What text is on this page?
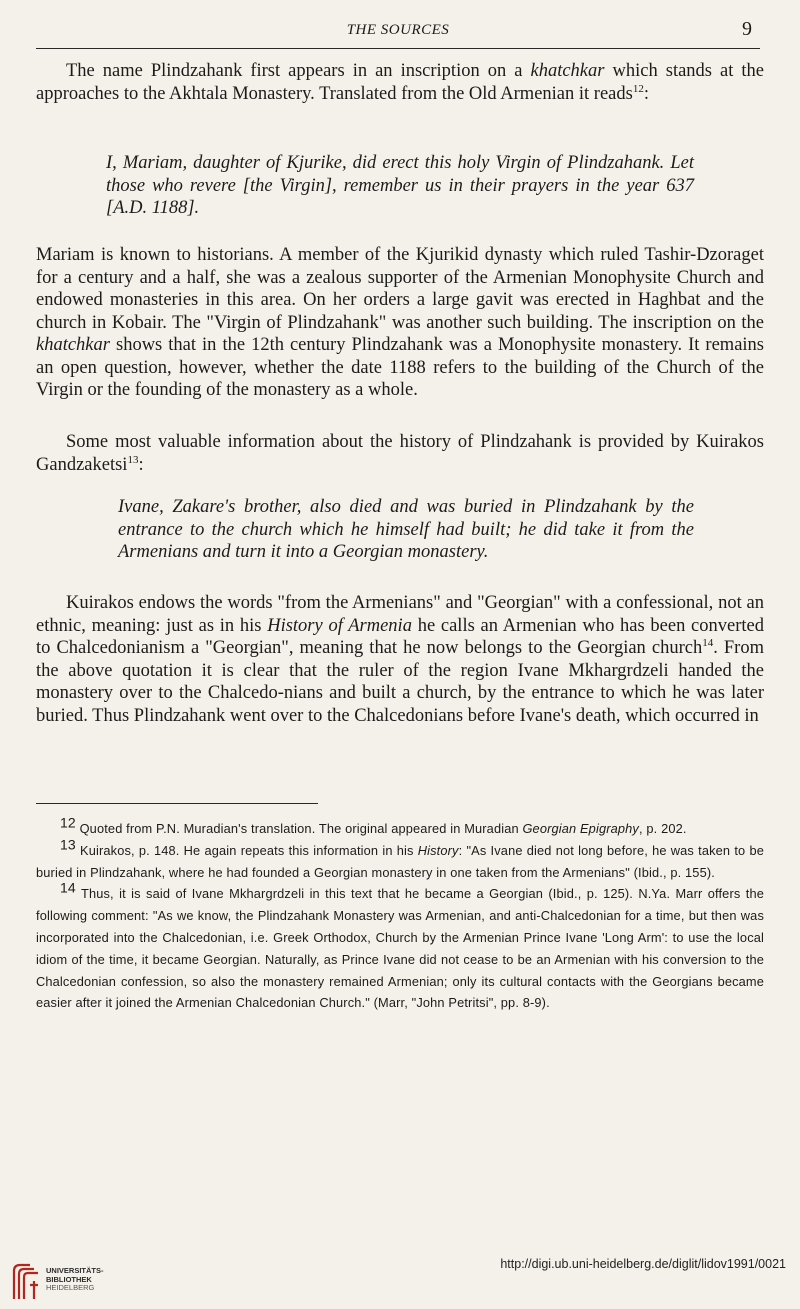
THE SOURCES	9

The name Plindzahank first appears in an inscription on a khatchkar which stands at the approaches to the Akhtala Monastery. Translated from the Old Armenian it reads$^{12}$:

I, Mariam, daughter of Kjurike, did erect this holy Virgin of Plindzahank. Let those who revere [the Virgin], remember us in their prayers in the year 637 [A.D. 1188].

Mariam is known to historians. A member of the Kjurikid dynasty which ruled Tashir-Dzoraget for a century and a half, she was a zealous supporter of the Armenian Monophysite Church and endowed monasteries in this area. On her orders a large gavit was erected in Haghbat and the church in Kobair. The "Virgin of Plindzahank" was another such building. The inscription on the khatchkar shows that in the 12th century Plindzahank was a Monophysite monastery. It remains an open question, however, whether the date 1188 refers to the building of the Church of the Virgin or the founding of the monastery as a whole.

Some most valuable information about the history of Plindzahank is provided by Kuirakos Gandzaketsi$^{13}$:

Ivane, Zakare's brother, also died and was buried in Plindzahank by the entrance to the church which he himself had built; he did take it from the Armenians and turn it into a Georgian monastery.

Kuirakos endows the words "from the Armenians" and "Georgian" with a confessional, not an ethnic, meaning: just as in his History of Armenia he calls an Armenian who has been converted to Chalcedonianism a "Georgian", meaning that he now belongs to the Georgian church$^{14}$. From the above quotation it is clear that the ruler of the region Ivane Mkhargrdzeli handed the monastery over to the Chalcedo-nians and built a church, by the entrance to which he was later buried. Thus Plindzahank went over to the Chalcedonians before Ivane's death, which occurred in

$^{12}$ Quoted from P.N. Muradian's translation. The original appeared in Muradian Georgian Epigraphy, p. 202.

$^{13}$ Kuirakos, p. 148. He again repeats this information in his History: "As Ivane died not long before, he was taken to be buried in Plindzahank, where he had founded a Georgian monastery in one taken from the Armenians" (Ibid., p. 155).

$^{14}$ Thus, it is said of Ivane Mkhargrdzeli in this text that he became a Georgian (Ibid., p. 125). N.Ya. Marr offers the following comment: "As we know, the Plindzahank Monastery was Armenian, and anti-Chalcedonian for a time, but then was incorporated into the Chalcedonian, i.e. Greek Orthodox, Church by the Armenian Prince Ivane 'Long Arm': to use the local idiom of the time, it became Georgian. Naturally, as Prince Ivane did not cease to be an Armenian with his conversion to the Chalcedonian confession, so also the monastery remained Armenian; only its cultural contacts with the Georgians became easier after it joined the Armenian Chalcedonian Church." (Marr, "John Petritsi", pp. 8-9).

UNIVERSITÄTS-
BIBLIOTHEK
HEIDELBERG
http://digi.ub.uni-heidelberg.de/diglit/lidov1991/0021
